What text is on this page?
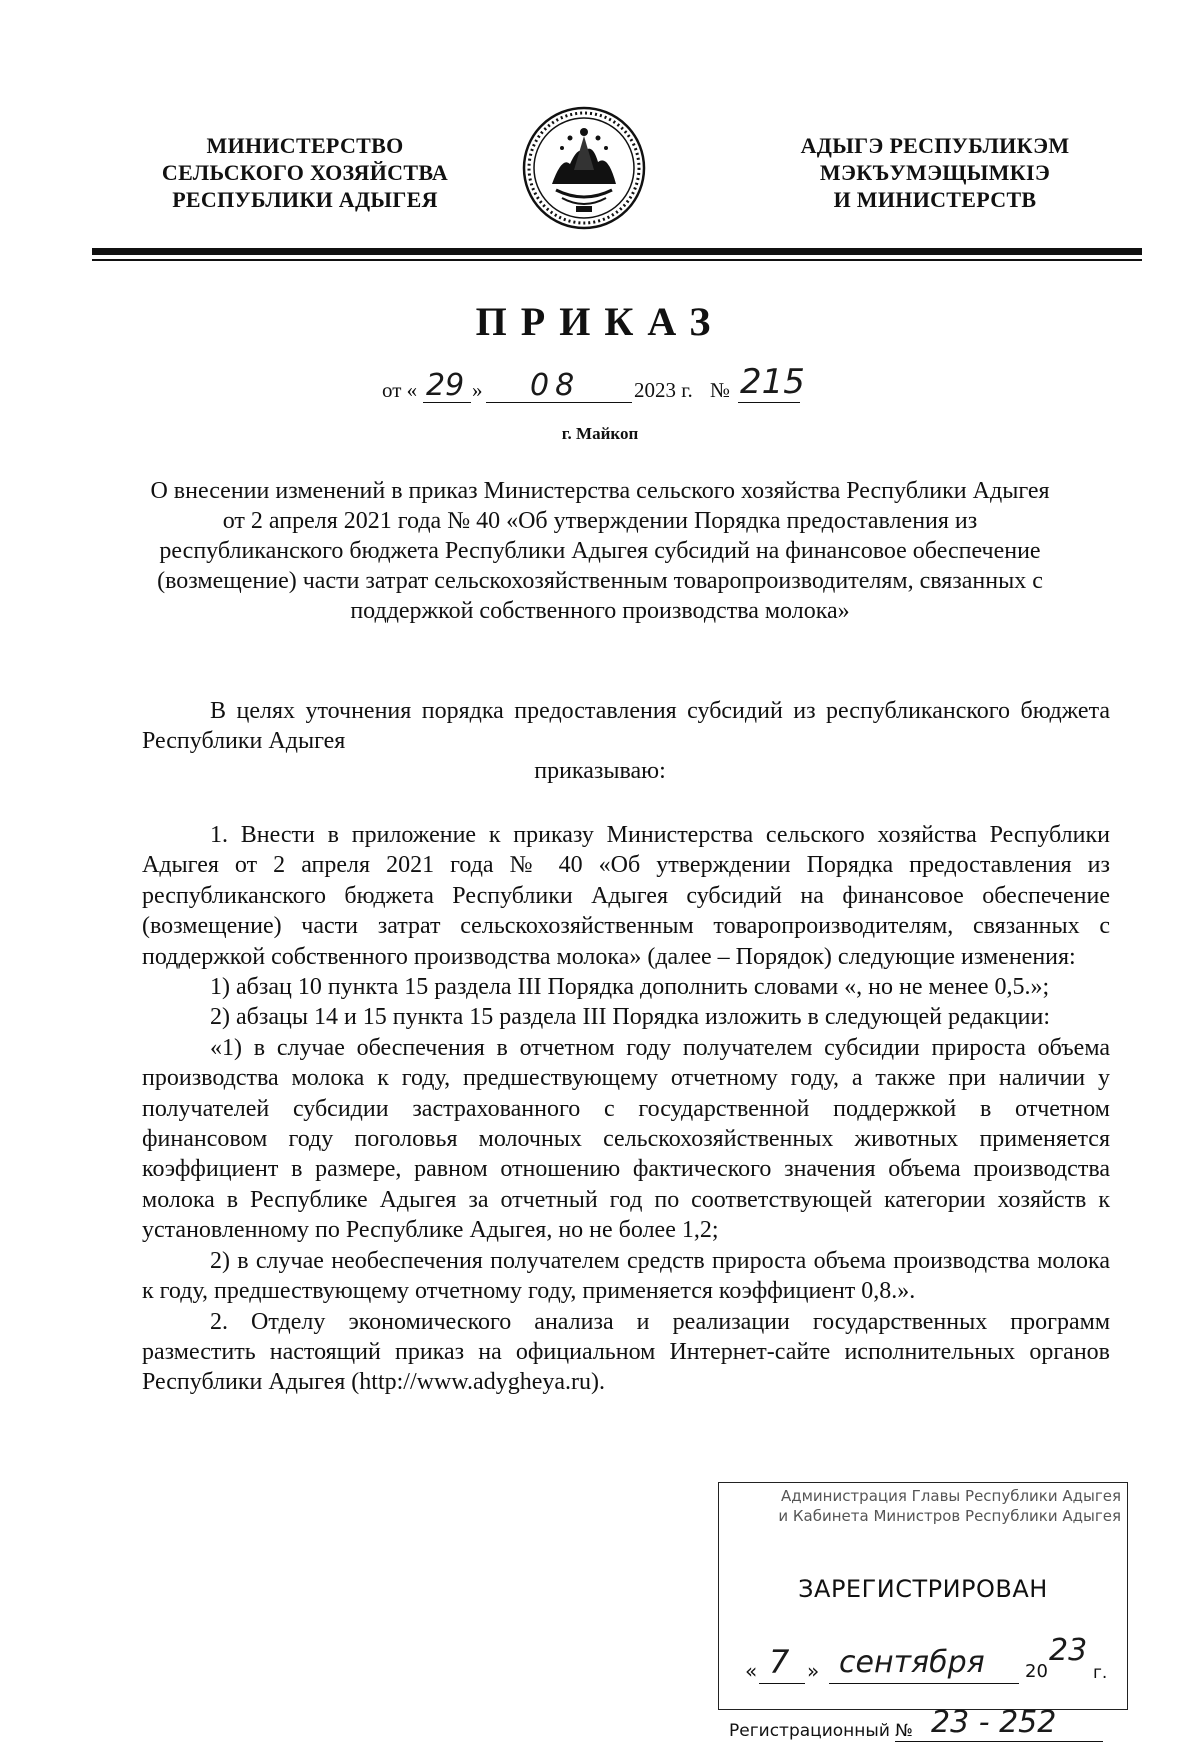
МИНИСТЕРСТВО
СЕЛЬСКОГО ХОЗЯЙСТВА
РЕСПУБЛИКИ АДЫГЕЯ
АДЫГЭ РЕСПУБЛИКЭМ
МЭКЪУМЭЩЫМКIЭ
И МИНИСТЕРСТВ
ПРИКАЗ
от « 29 » 08	2023 г. № 215
г. Майкоп
О внесении изменений в приказ Министерства сельского хозяйства Республики Адыгея от 2 апреля 2021 года № 40 «Об утверждении Порядка предоставления из республиканского бюджета Республики Адыгея субсидий на финансовое обеспечение (возмещение) части затрат сельскохозяйственным товаропроизводителям, связанных с поддержкой собственного производства молока»

В целях уточнения порядка предоставления субсидий из республиканского бюджета Республики Адыгея

приказываю:

1. Внести в приложение к приказу Министерства сельского хозяйства Республики Адыгея от 2 апреля 2021 года № 40 «Об утверждении Порядка предоставления из республиканского бюджета Республики Адыгея субсидий на финансовое обеспечение (возмещение) части затрат сельскохозяйственным товаропроизводителям, связанных с поддержкой собственного производства молока» (далее – Порядок) следующие изменения:

1) абзац 10 пункта 15 раздела III Порядка дополнить словами «, но не менее 0,5.»;

2) абзацы 14 и 15 пункта 15 раздела III Порядка изложить в следующей редакции:

«1) в случае обеспечения в отчетном году получателем субсидии прироста объема производства молока к году, предшествующему отчетному году, а также при наличии у получателей субсидии застрахованного с государственной поддержкой в отчетном финансовом году поголовья молочных сельскохозяйственных животных применяется коэффициент в размере, равном отношению фактического значения объема производства молока в Республике Адыгея за отчетный год по соответствующей категории хозяйств к установленному по Республике Адыгея, но не более 1,2;

2) в случае необеспечения получателем средств прироста объема производства молока к году, предшествующему отчетному году, применяется коэффициент 0,8.».

2. Отделу экономического анализа и реализации государственных программ разместить настоящий приказ на официальном Интернет-сайте исполнительных органов Республики Адыгея (http://www.adygheya.ru).

Администрация Главы Республики Адыгея
и Кабинета Министров Республики Адыгея
ЗАРЕГИСТРИРОВАН
« 7 » сентября 20
23
г.
Регистрационный № 23 - 252
